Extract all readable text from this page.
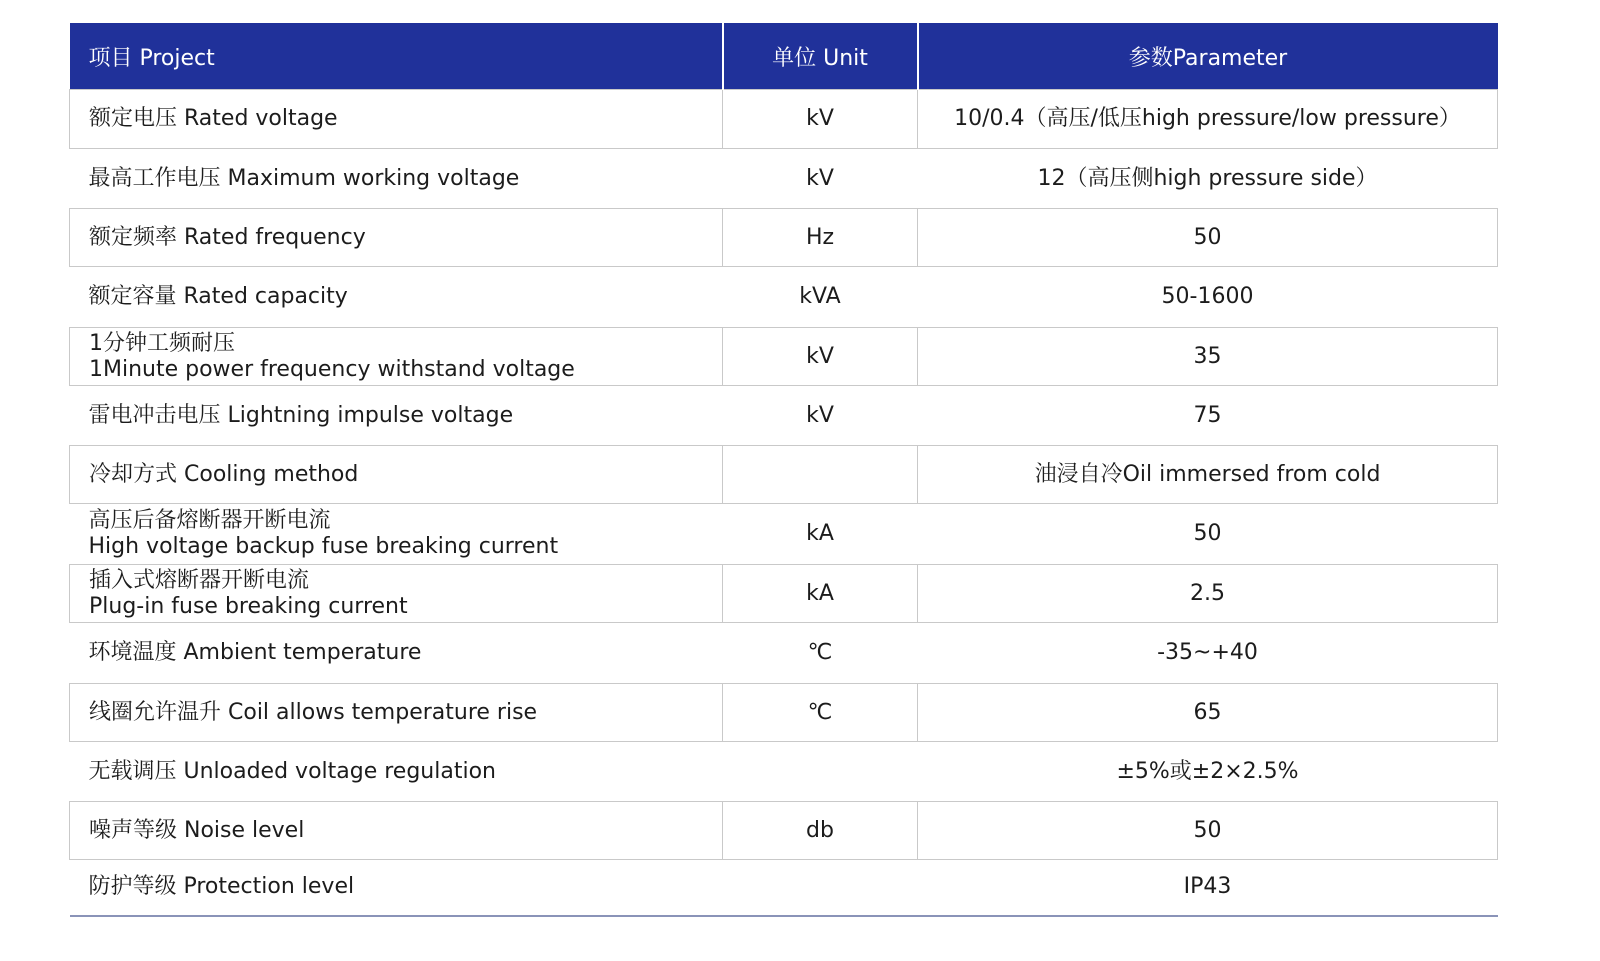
项目 Project	单位 Unit	参数Parameter
额定电压 Rated voltage	kV	10/0.4（高压/低压high pressure/low pressure）
最高工作电压 Maximum working voltage	kV	12（高压侧high pressure side）
额定频率 Rated frequency	Hz	50
额定容量 Rated capacity	kVA	50-1600

1分钟工频耐压
1Minute power frequency withstand voltage	kV	35
雷电冲击电压 Lightning impulse voltage	kV	75
冷却方式 Cooling method		油浸自冷Oil immersed from cold

高压后备熔断器开断电流
High voltage backup fuse breaking current	kA	50

插入式熔断器开断电流
Plug-in fuse breaking current	kA	2.5
环境温度 Ambient temperature	℃	-35~+40
线圈允许温升 Coil allows temperature rise	℃	65
无载调压 Unloaded voltage regulation		±5%或±2×2.5%
噪声等级 Noise level	db	50
防护等级 Protection level		IP43
